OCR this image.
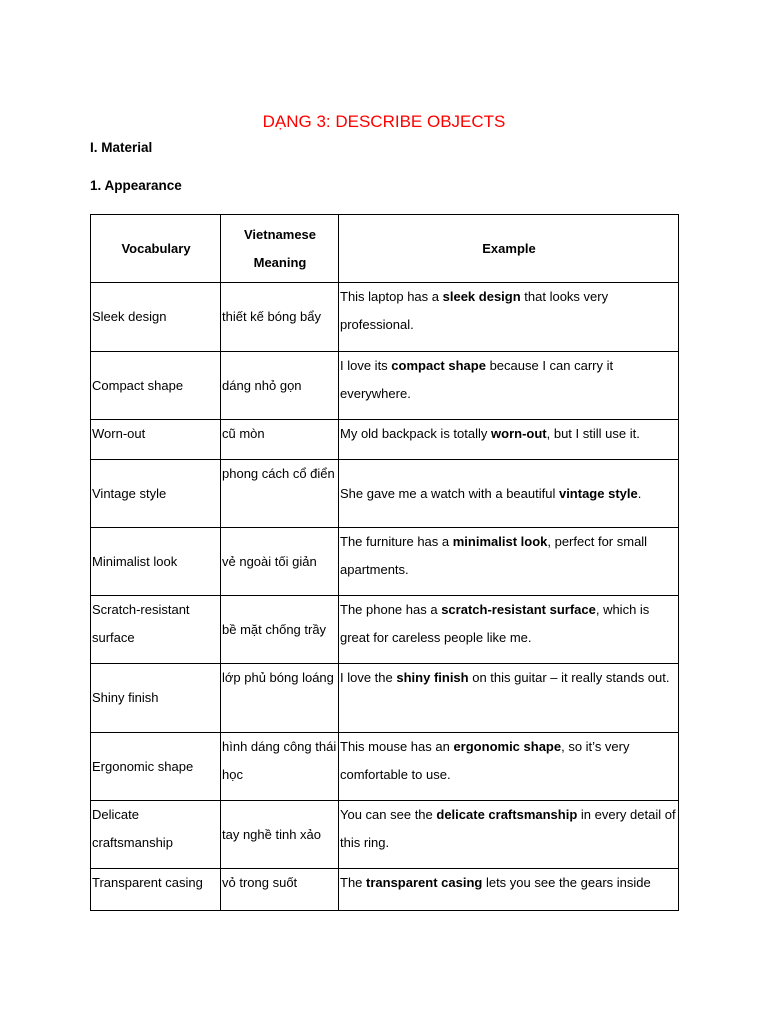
DẠNG 3: DESCRIBE OBJECTS
I. Material
1. Appearance
Vocabulary	Vietnamese Meaning	Example
Sleek design	thiết kế bóng bẩy	This laptop has a sleek design that looks very professional.
Compact shape	dáng nhỏ gọn	I love its compact shape because I can carry it everywhere.
Worn-out	cũ mòn	My old backpack is totally worn-out, but I still use it.
Vintage style	phong cách cổ điển	She gave me a watch with a beautiful vintage style.
Minimalist look	vẻ ngoài tối giản	The furniture has a minimalist look, perfect for small apartments.
Scratch-resistant surface	bề mặt chống trầy	The phone has a scratch-resistant surface, which is great for careless people like me.
Shiny finish	lớp phủ bóng loáng	I love the shiny finish on this guitar – it really stands out.
Ergonomic shape	hình dáng công thái học	This mouse has an ergonomic shape, so it’s very comfortable to use.
Delicate craftsmanship	tay nghề tinh xảo	You can see the delicate craftsmanship in every detail of this ring.
Transparent casing	vỏ trong suốt	The transparent casing lets you see the gears inside
